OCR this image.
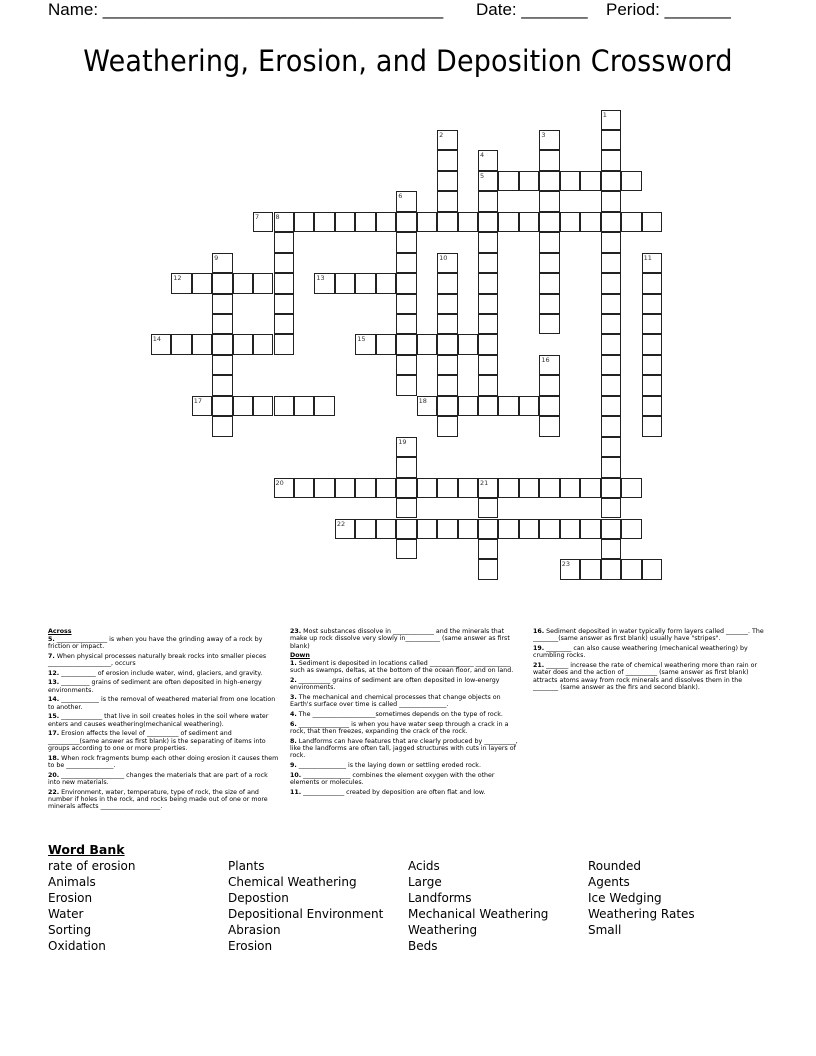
Name: ____________________________________ Date: _______ Period: _______
Weathering, Erosion, and Deposition Crossword
1
2	3
4
5
6
7	8
9	10	11
12	13
14	15
16
17	18
19
20	21
22
23

Across

5. ________________ is when you have the grinding away of a rock by friction or impact.

7. When physical processes naturally break rocks into smaller pieces ____________________, occurs

12. ___________ of erosion include water, wind, glaciers, and gravity.

13. _________ grains of sediment are often deposited in high-energy environments.

14. ____________ is the removal of weathered material from one location to another.

15. _____________ that live in soil creates holes in the soil where water enters and causes weathering(mechanical weathering).

17. Erosion affects the level of __________ of sediment and __________(same answer as first blank) is the separating of items into groups according to one or more properties.

18. When rock fragments bump each other doing erosion it causes them to be _______________.

20. ____________________ changes the materials that are part of a rock into new materials.

22. Environment, water, temperature, type of rock, the size of and number if holes in the rock, and rocks being made out of one or more minerals affects ___________________.

23. Most substances dissolve in _____________ and the minerals that make up rock dissolve very slowly in___________ (same answer as first blank)

Down

1. Sediment is deposited in locations called ______________ ___________ such as swamps, deltas, at the bottom of the ocean floor, and on land.

2. __________ grains of sediment are often deposited in low-energy environments.

3. The mechanical and chemical processes that change objects on Earth's surface over time is called _______________.

4. The ____________________sometimes depends on the type of rock.

6. ________________ is when you have water seep through a crack in a rock, that then freezes, expanding the crack of the rock.

8. Landforms can have features that are clearly produced by __________, like the landforms are often tall, jagged structures with cuts in layers of rock.

9. _______________ is the laying down or settling eroded rock.

10. _______________ combines the element oxygen with the other elements or molecules.

11. _____________ created by deposition are often flat and low.

16. Sediment deposited in water typically form layers called _______. The ________(same answer as first blank) usually have "stripes".

19. ________ can also cause weathering (mechanical weathering) by crumbling rocks.

21. _______ increase the rate of chemical weathering more than rain or water does and the action of __________ (same answer as first blank) attracts atoms away from rock minerals and dissolves them in the ________ (same answer as the firs and second blank).

Word Bank
rate of erosion
Animals
Erosion
Water
Sorting
Oxidation
Plants
Chemical Weathering
Depostion
Depositional Environment
Abrasion
Erosion
Acids
Large
Landforms
Mechanical Weathering
Weathering
Beds
Rounded
Agents
Ice Wedging
Weathering Rates
Small
